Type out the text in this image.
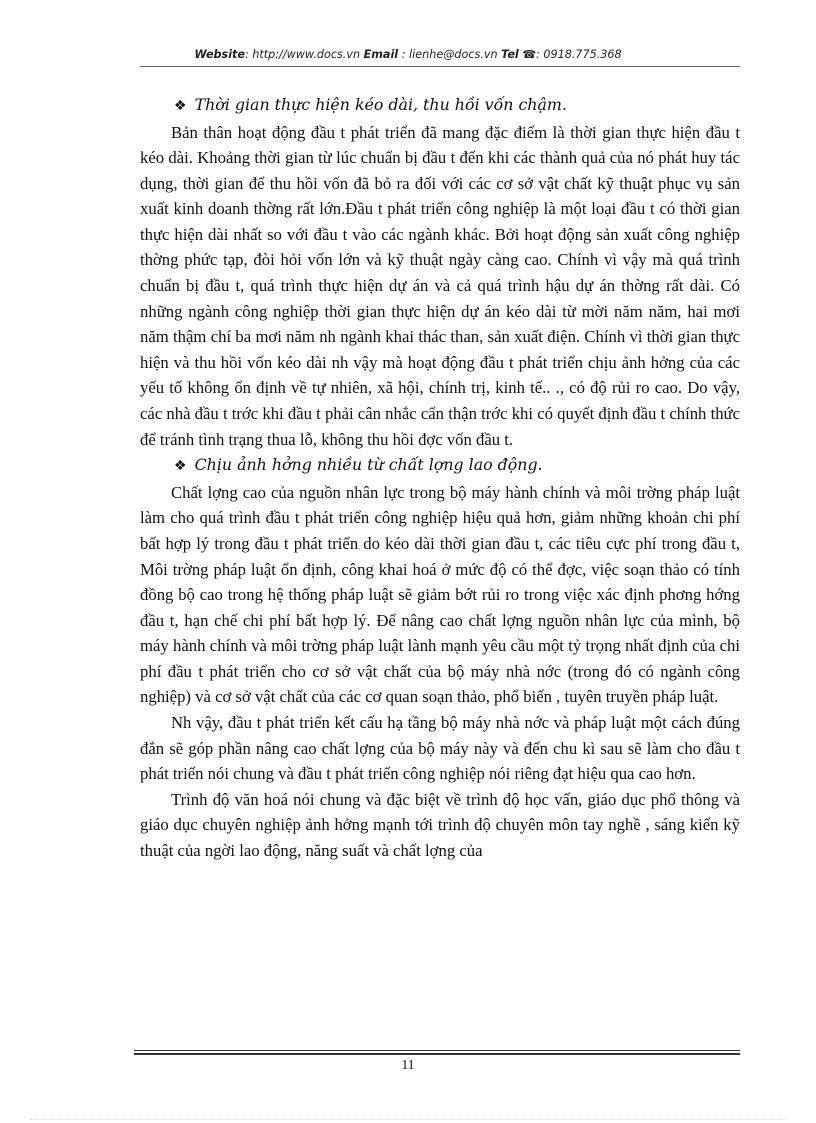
Website: http://www.docs.vn Email : lienhe@docs.vn Tel ☎: 0918.775.368

❖ Thời gian thực hiện kéo dài, thu hồi vốn chậm.

Bản thân hoạt động đầu t phát triển đã mang đặc điểm là thời gian thực hiện đầu t kéo dài. Khoảng thời gian từ lúc chuẩn bị đầu t đến khi các thành quả của nó phát huy tác dụng, thời gian để thu hồi vốn đã bỏ ra đối với các cơ sở vật chất kỹ thuật phục vụ sản xuất kinh doanh thờng rất lớn.Đầu t phát triển công nghiệp là một loại đầu t có thời gian thực hiện dài nhất so với đầu t vào các ngành khác. Bởi hoạt động sản xuất công nghiệp thờng phức tạp, đòi hỏi vốn lớn và kỹ thuật ngày càng cao. Chính vì vậy mà quá trình chuẩn bị đầu t, quá trình thực hiện dự án và cả quá trình hậu dự án thờng rất dài. Có những ngành công nghiệp thời gian thực hiện dự án kéo dài từ mời năm năm, hai mơi năm thậm chí ba mơi năm nh ngành khai thác than, sản xuất điện. Chính vì thời gian thực hiện và thu hồi vốn kéo dài nh vậy mà hoạt động đầu t phát triển chịu ảnh hởng của các yếu tố không ổn định về tự nhiên, xã hội, chính trị, kinh tế.. ., có độ rủi ro cao. Do vậy, các nhà đầu t trớc khi đầu t phải cân nhắc cẩn thận trớc khi có quyết định đầu t chính thức để tránh tình trạng thua lỗ, không thu hồi đợc vốn đầu t.

❖ Chịu ảnh hởng nhiều từ chất lợng lao động.

Chất lợng cao của nguồn nhân lực trong bộ máy hành chính và môi trờng pháp luật làm cho quá trình đầu t phát triển công nghiệp hiệu quả hơn, giảm những khoản chi phí bất hợp lý trong đầu t phát triển do kéo dài thời gian đầu t, các tiêu cực phí trong đầu t, Môi trờng pháp luật ổn định, công khai hoá ở mức độ có thể đợc, việc soạn thảo có tính đồng bộ cao trong hệ thống pháp luật sẽ giảm bớt rủi ro trong việc xác định phơng hớng đầu t, hạn chế chi phí bất hợp lý. Để nâng cao chất lợng nguồn nhân lực của mình, bộ máy hành chính và môi trờng pháp luật lành mạnh yêu cầu một tỷ trọng nhất định của chi phí đầu t phát triển cho cơ sở vật chất của bộ máy nhà nớc (trong đó có ngành công nghiệp) và cơ sở vật chất của các cơ quan soạn thảo, phổ biến , tuyên truyền pháp luật.

Nh vậy, đầu t phát triển kết cấu hạ tầng bộ máy nhà nớc và pháp luật một cách đúng đắn sẽ góp phần nâng cao chất lợng của bộ máy này và đến chu kì sau sẽ làm cho đầu t phát triển nói chung và đầu t phát triển công nghiệp nói riêng đạt hiệu qua cao hơn.

Trình độ văn hoá nói chung và đặc biệt về trình độ học vấn, giáo dục phổ thông và giáo dục chuyên nghiệp ảnh hởng mạnh tới trình độ chuyên môn tay nghề , sáng kiến kỹ thuật của ngời lao động, năng suất và chất lợng của

11
